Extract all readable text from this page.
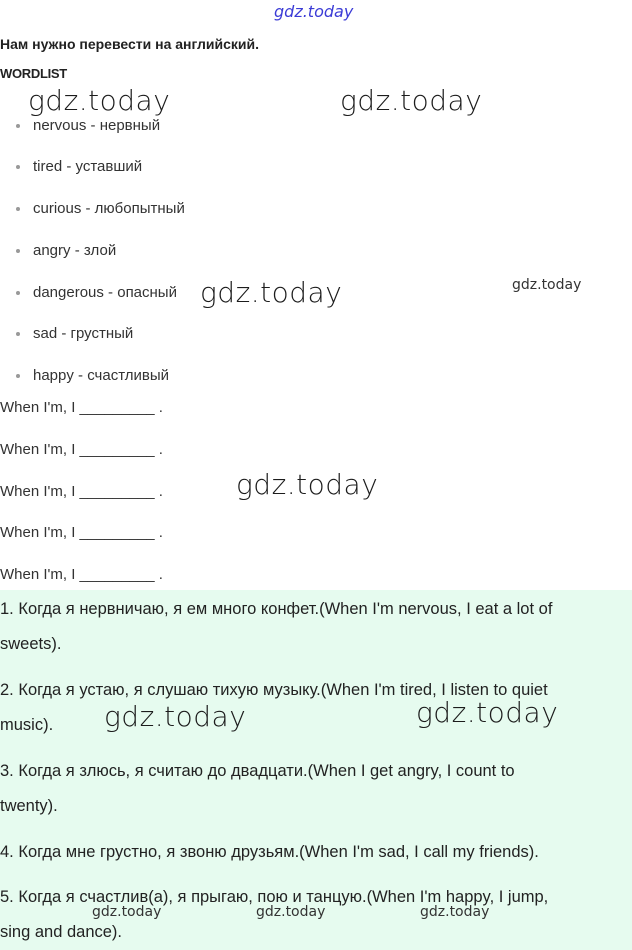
gdz.today
Нам нужно перевести на английский.
WORDLIST
nervous - нервный
tired - уставший
curious - любопытный
angry - злой
dangerous - опасный
sad - грустный
happy - счастливый
When I'm, I _________ .
When I'm, I _________ .
When I'm, I _________ .
When I'm, I _________ .
When I'm, I _________ .
1. Когда я нервничаю, я ем много конфет.(When I'm nervous, I eat a lot of
sweets).
2. Когда я устаю, я слушаю тихую музыку.(When I'm tired, I listen to quiet
music).
3. Когда я злюсь, я считаю до двадцати.(When I get angry, I count to
twenty).
4. Когда мне грустно, я звоню друзьям.(When I'm sad, I call my friends).
5. Когда я счастлив(а), я прыгаю, пою и танцую.(When I'm happy, I jump,
sing and dance).
gdz.today	gdz.today
gdz.today	gdz.today
gdz.today
gdz.today	gdz.today
gdz.today	gdz.today	gdz.today
